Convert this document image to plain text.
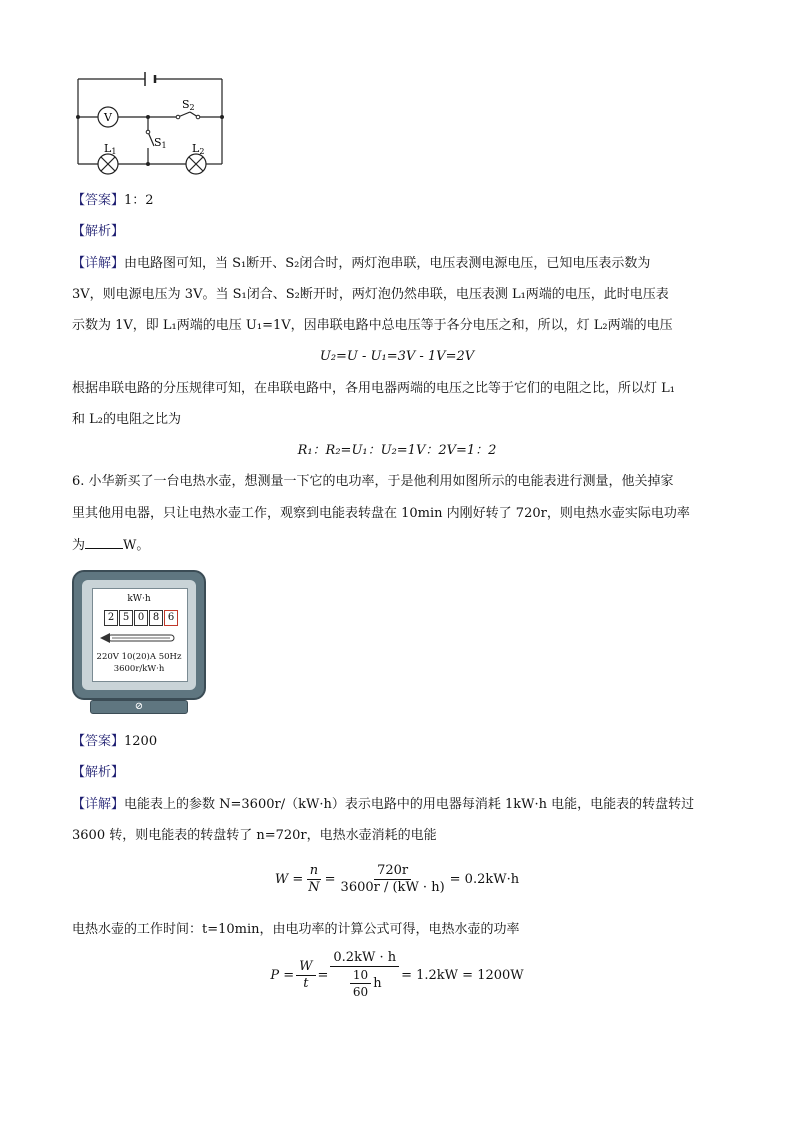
V
S2
S1
L1	L2
【答案】1：2
【解析】
【详解】由电路图可知，当 S₁断开、S₂闭合时，两灯泡串联，电压表测电源电压，已知电压表示数为
3V，则电源电压为 3V。当 S₁闭合、S₂断开时，两灯泡仍然串联，电压表测 L₁两端的电压，此时电压表
示数为 1V，即 L₁两端的电压 U₁=1V，因串联电路中总电压等于各分电压之和，所以，灯 L₂两端的电压
U₂=U - U₁=3V - 1V=2V
根据串联电路的分压规律可知，在串联电路中，各用电器两端的电压之比等于它们的电阻之比，所以灯 L₁
和 L₂的电阻之比为
R₁：R₂=U₁：U₂=1V：2V=1：2
6. 小华新买了一台电热水壶，想测量一下它的电功率，于是他利用如图所示的电能表进行测量，他关掉家
里其他用电器，只让电热水壶工作，观察到电能表转盘在 10min 内刚好转了 720r，则电热水壶实际电功率
为	W。
kW·h
2 5 0 8 6
220V 10(20)A 50Hz
3600r/kW·h
⊘
【答案】1200
【解析】
【详解】电能表上的参数 N=3600r/（kW·h）表示电路中的用电器每消耗 1kW·h 电能，电能表的转盘转过
3600 转，则电能表的转盘转了 n=720r，电热水壶消耗的电能
$W = \frac{n}{N} = \frac{720r}{3600r / (kW \cdot h)} = 0.2kW\cdot h$
电热水壶的工作时间：t=10min，由电功率的计算公式可得，电热水壶的功率
$P = \frac{W}{t} = \frac{0.2kW \cdot h}{\frac{10}{60} h} = 1.2kW = 1200W$
